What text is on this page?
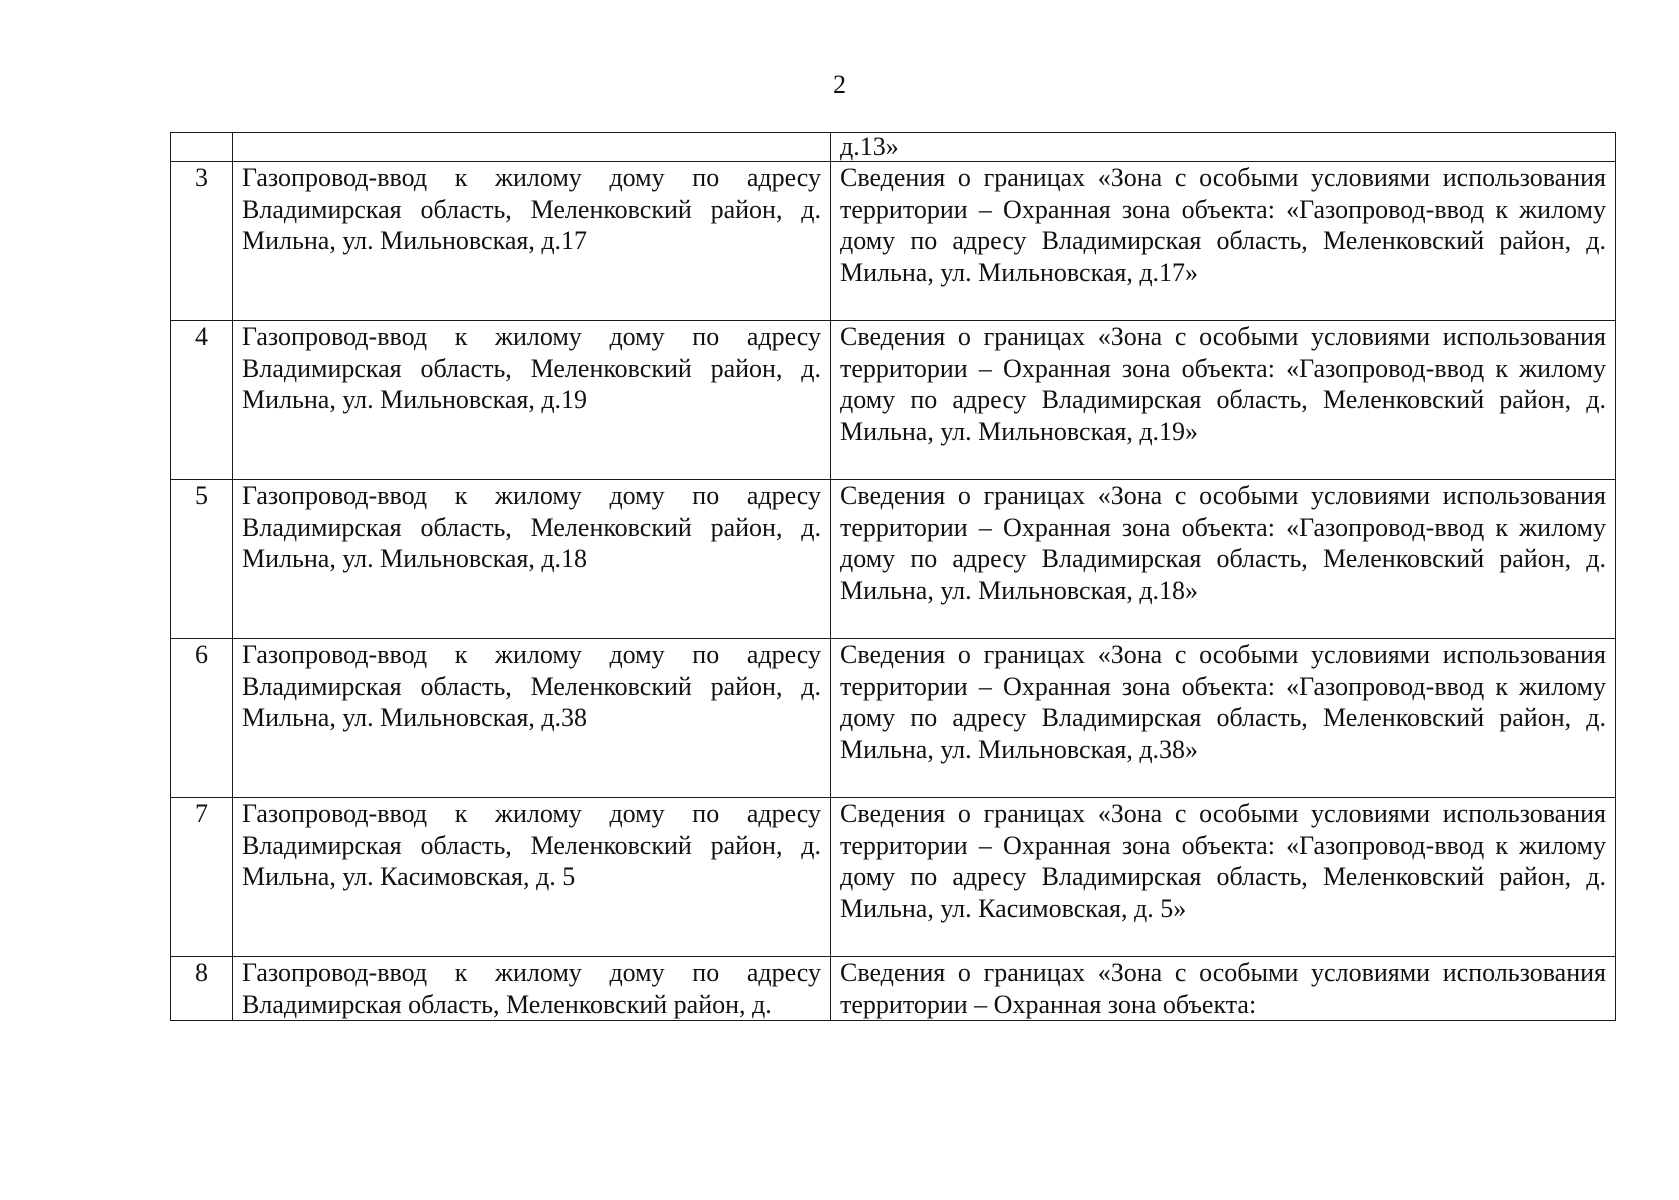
2
		д.13»
3	Газопровод-ввод к жилому дому по адресу Владимирская область, Меленковский район, д. Мильна, ул. Мильновская, д.17	Сведения о границах «Зона с особыми условиями использования территории – Охранная зона объекта: «Газопровод-ввод к жилому дому по адресу Владимирская область, Меленковский район, д. Мильна, ул. Мильновская, д.17»
4	Газопровод-ввод к жилому дому по адресу Владимирская область, Меленковский район, д. Мильна, ул. Мильновская, д.19	Сведения о границах «Зона с особыми условиями использования территории – Охранная зона объекта: «Газопровод-ввод к жилому дому по адресу Владимирская область, Меленковский район, д. Мильна, ул. Мильновская, д.19»
5	Газопровод-ввод к жилому дому по адресу Владимирская область, Меленковский район, д. Мильна, ул. Мильновская, д.18	Сведения о границах «Зона с особыми условиями использования территории – Охранная зона объекта: «Газопровод-ввод к жилому дому по адресу Владимирская область, Меленковский район, д. Мильна, ул. Мильновская, д.18»
6	Газопровод-ввод к жилому дому по адресу Владимирская область, Меленковский район, д. Мильна, ул. Мильновская, д.38	Сведения о границах «Зона с особыми условиями использования территории – Охранная зона объекта: «Газопровод-ввод к жилому дому по адресу Владимирская область, Меленковский район, д. Мильна, ул. Мильновская, д.38»
7	Газопровод-ввод к жилому дому по адресу Владимирская область, Меленковский район, д. Мильна, ул. Касимовская, д. 5	Сведения о границах «Зона с особыми условиями использования территории – Охранная зона объекта: «Газопровод-ввод к жилому дому по адресу Владимирская область, Меленковский район, д. Мильна, ул. Касимовская, д. 5»
8	Газопровод-ввод к жилому дому по адресу Владимирская область, Меленковский район, д.	Сведения о границах «Зона с особыми условиями использования территории – Охранная зона объекта:
